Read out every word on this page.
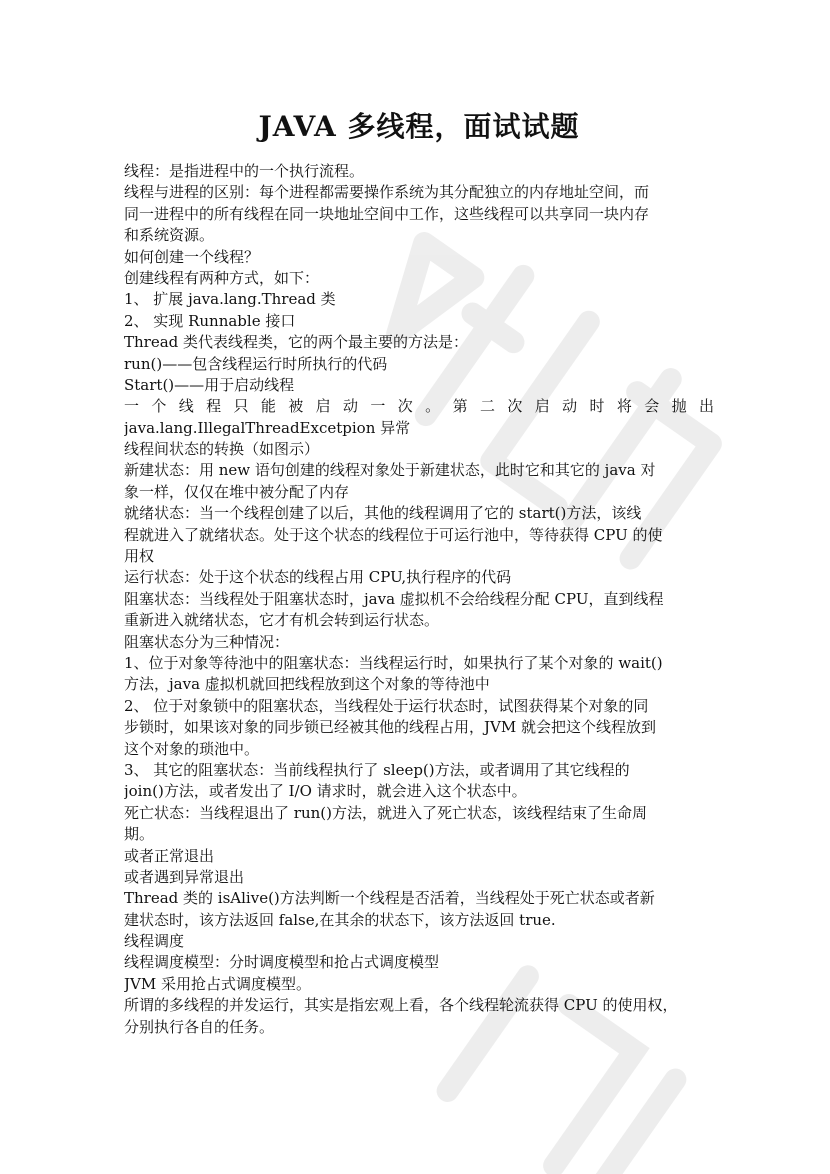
JAVA 多线程，面试试题
线程：是指进程中的一个执行流程。
线程与进程的区别：每个进程都需要操作系统为其分配独立的内存地址空间，而
同一进程中的所有线程在同一块地址空间中工作，这些线程可以共享同一块内存
和系统资源。
如何创建一个线程？
创建线程有两种方式，如下：
1、 扩展 java.lang.Thread 类
2、 实现 Runnable 接口
Thread 类代表线程类，它的两个最主要的方法是：
run()——包含线程运行时所执行的代码
Start()——用于启动线程
一个线程只能被启动一次。第二次启动时将会抛出
java.lang.IllegalThreadExcetpion 异常
线程间状态的转换（如图示）
新建状态：用 new 语句创建的线程对象处于新建状态，此时它和其它的 java 对
象一样，仅仅在堆中被分配了内存
就绪状态：当一个线程创建了以后，其他的线程调用了它的 start()方法，该线
程就进入了就绪状态。处于这个状态的线程位于可运行池中，等待获得 CPU 的使
用权
运行状态：处于这个状态的线程占用 CPU,执行程序的代码
阻塞状态：当线程处于阻塞状态时，java 虚拟机不会给线程分配 CPU，直到线程
重新进入就绪状态，它才有机会转到运行状态。
阻塞状态分为三种情况：
1、位于对象等待池中的阻塞状态：当线程运行时，如果执行了某个对象的 wait()
方法，java 虚拟机就回把线程放到这个对象的等待池中
2、 位于对象锁中的阻塞状态，当线程处于运行状态时，试图获得某个对象的同
步锁时，如果该对象的同步锁已经被其他的线程占用，JVM 就会把这个线程放到
这个对象的琐池中。
3、 其它的阻塞状态：当前线程执行了 sleep()方法，或者调用了其它线程的
join()方法，或者发出了 I/O 请求时，就会进入这个状态中。
死亡状态：当线程退出了 run()方法，就进入了死亡状态，该线程结束了生命周
期。
或者正常退出
或者遇到异常退出
Thread 类的 isAlive()方法判断一个线程是否活着，当线程处于死亡状态或者新
建状态时，该方法返回 false,在其余的状态下，该方法返回 true.
线程调度
线程调度模型：分时调度模型和抢占式调度模型
JVM 采用抢占式调度模型。
所谓的多线程的并发运行，其实是指宏观上看，各个线程轮流获得 CPU 的使用权，
分别执行各自的任务。
